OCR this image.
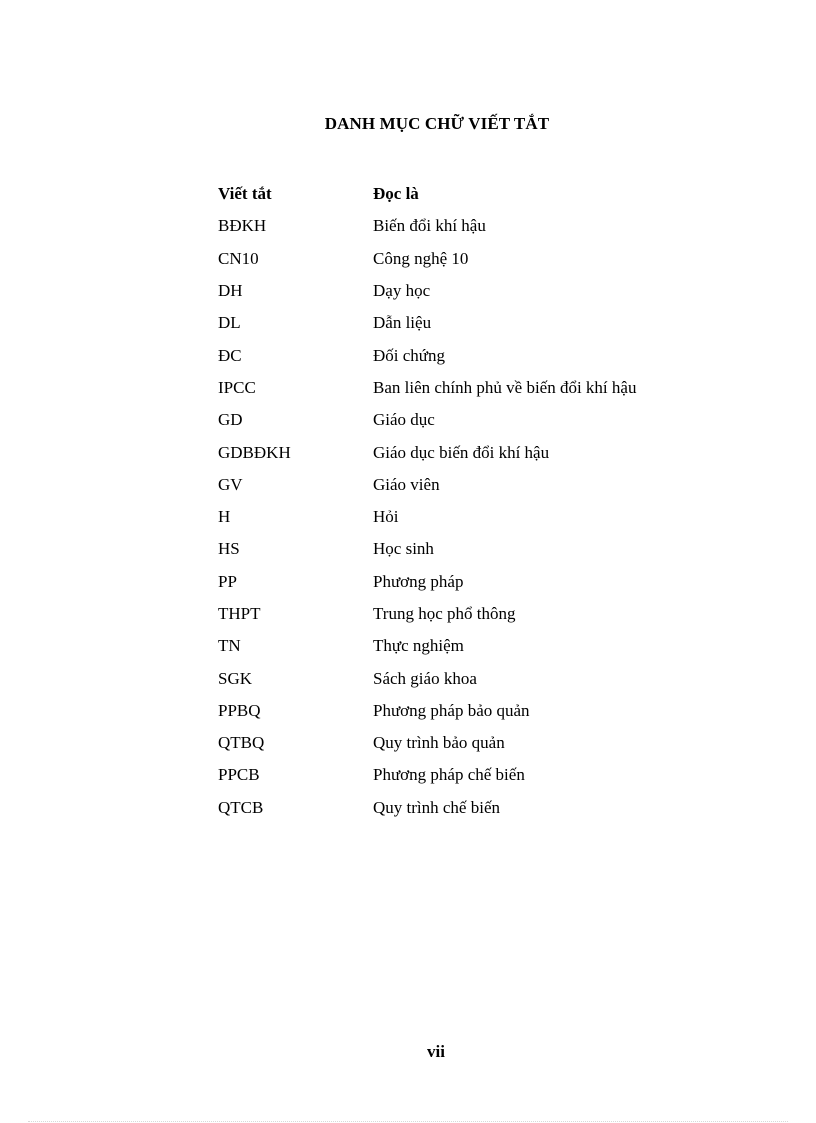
DANH MỤC CHỮ VIẾT TẮT
Viết tắt	Đọc là
BĐKH	Biến đổi khí hậu
CN10	Công nghệ 10
DH	Dạy học
DL	Dẫn liệu
ĐC	Đối chứng
IPCC	Ban liên chính phủ về biến đổi khí hậu
GD	Giáo dục
GDBĐKH	Giáo dục biến đổi khí hậu
GV	Giáo viên
H	Hỏi
HS	Học sinh
PP	Phương pháp
THPT	Trung học phổ thông
TN	Thực nghiệm
SGK	Sách giáo khoa
PPBQ	Phương pháp bảo quản
QTBQ	Quy trình bảo quản
PPCB	Phương pháp chế biến
QTCB	Quy trình chế biến
vii
